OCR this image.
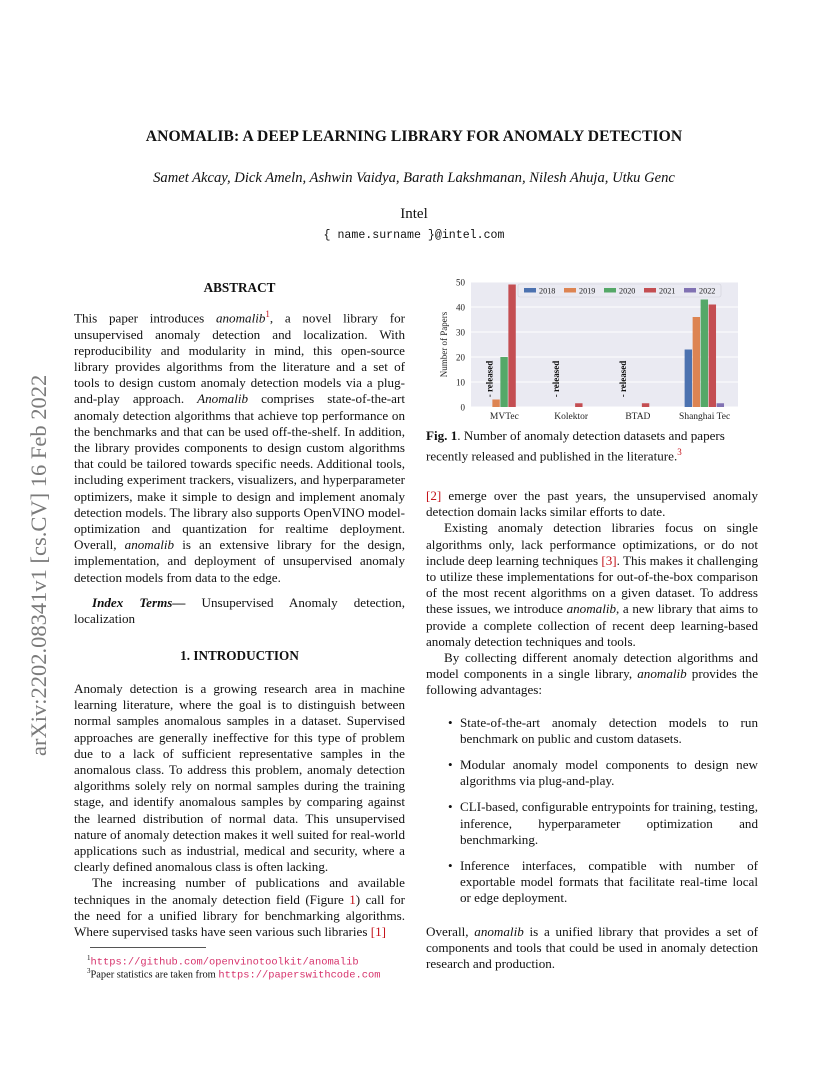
arXiv:2202.08341v1 [cs.CV] 16 Feb 2022
ANOMALIB: A DEEP LEARNING LIBRARY FOR ANOMALY DETECTION
Samet Akcay, Dick Ameln, Ashwin Vaidya, Barath Lakshmanan, Nilesh Ahuja, Utku Genc
Intel
{ name.surname }@intel.com
ABSTRACT

This paper introduces anomalib$^1$, a novel library for unsupervised anomaly detection and localization. With reproducibility and modularity in mind, this open-source library provides algorithms from the literature and a set of tools to design custom anomaly detection models via a plug-and-play approach. Anomalib comprises state-of-the-art anomaly detection algorithms that achieve top performance on the benchmarks and that can be used off-the-shelf. In addition, the library provides components to design custom algorithms that could be tailored towards specific needs. Additional tools, including experiment trackers, visualizers, and hyperparameter optimizers, make it simple to design and implement anomaly detection models. The library also supports OpenVINO model-optimization and quantization for realtime deployment. Overall, anomalib is an extensive library for the design, implementation, and deployment of unsupervised anomaly detection models from data to the edge.

Index Terms— Unsupervised Anomaly detection, localization

1. INTRODUCTION

Anomaly detection is a growing research area in machine learning literature, where the goal is to distinguish between normal samples anomalous samples in a dataset. Supervised approaches are generally ineffective for this type of problem due to a lack of sufficient representative samples in the anomalous class. To address this problem, anomaly detection algorithms solely rely on normal samples during the training stage, and identify anomalous samples by comparing against the learned distribution of normal data. This unsupervised nature of anomaly detection makes it well suited for real-world applications such as industrial, medical and security, where a clearly defined anomalous class is often lacking.

The increasing number of publications and available techniques in the anomaly detection field (Figure 1) call for the need for a unified library for benchmarking algorithms. Where supervised tasks have seen various such libraries [1]

$^1$https://github.com/openvinotoolkit/anomalib
$^3$Paper statistics are taken from https://paperswithcode.com
0
10
20
30
40
50
Number of Papers
MVTec	Kolektor	BTAD	Shanghai Tec
- released	- released	- released
2018	2019	2020	2021	2022
Fig. 1. Number of anomaly detection datasets and papers recently released and published in the literature.$^3$

[2] emerge over the past years, the unsupervised anomaly detection domain lacks similar efforts to date.

Existing anomaly detection libraries focus on single algorithms only, lack performance optimizations, or do not include deep learning techniques [3]. This makes it challenging to utilize these implementations for out-of-the-box comparison of the most recent algorithms on a given dataset. To address these issues, we introduce anomalib, a new library that aims to provide a complete collection of recent deep learning-based anomaly detection techniques and tools.

By collecting different anomaly detection algorithms and model components in a single library, anomalib provides the following advantages:

• State-of-the-art anomaly detection models to run benchmark on public and custom datasets.

• Modular anomaly model components to design new algorithms via plug-and-play.

• CLI-based, configurable entrypoints for training, testing, inference, hyperparameter optimization and benchmarking.

• Inference interfaces, compatible with number of exportable model formats that facilitate real-time local or edge deployment.

Overall, anomalib is a unified library that provides a set of components and tools that could be used in anomaly detection research and production.
